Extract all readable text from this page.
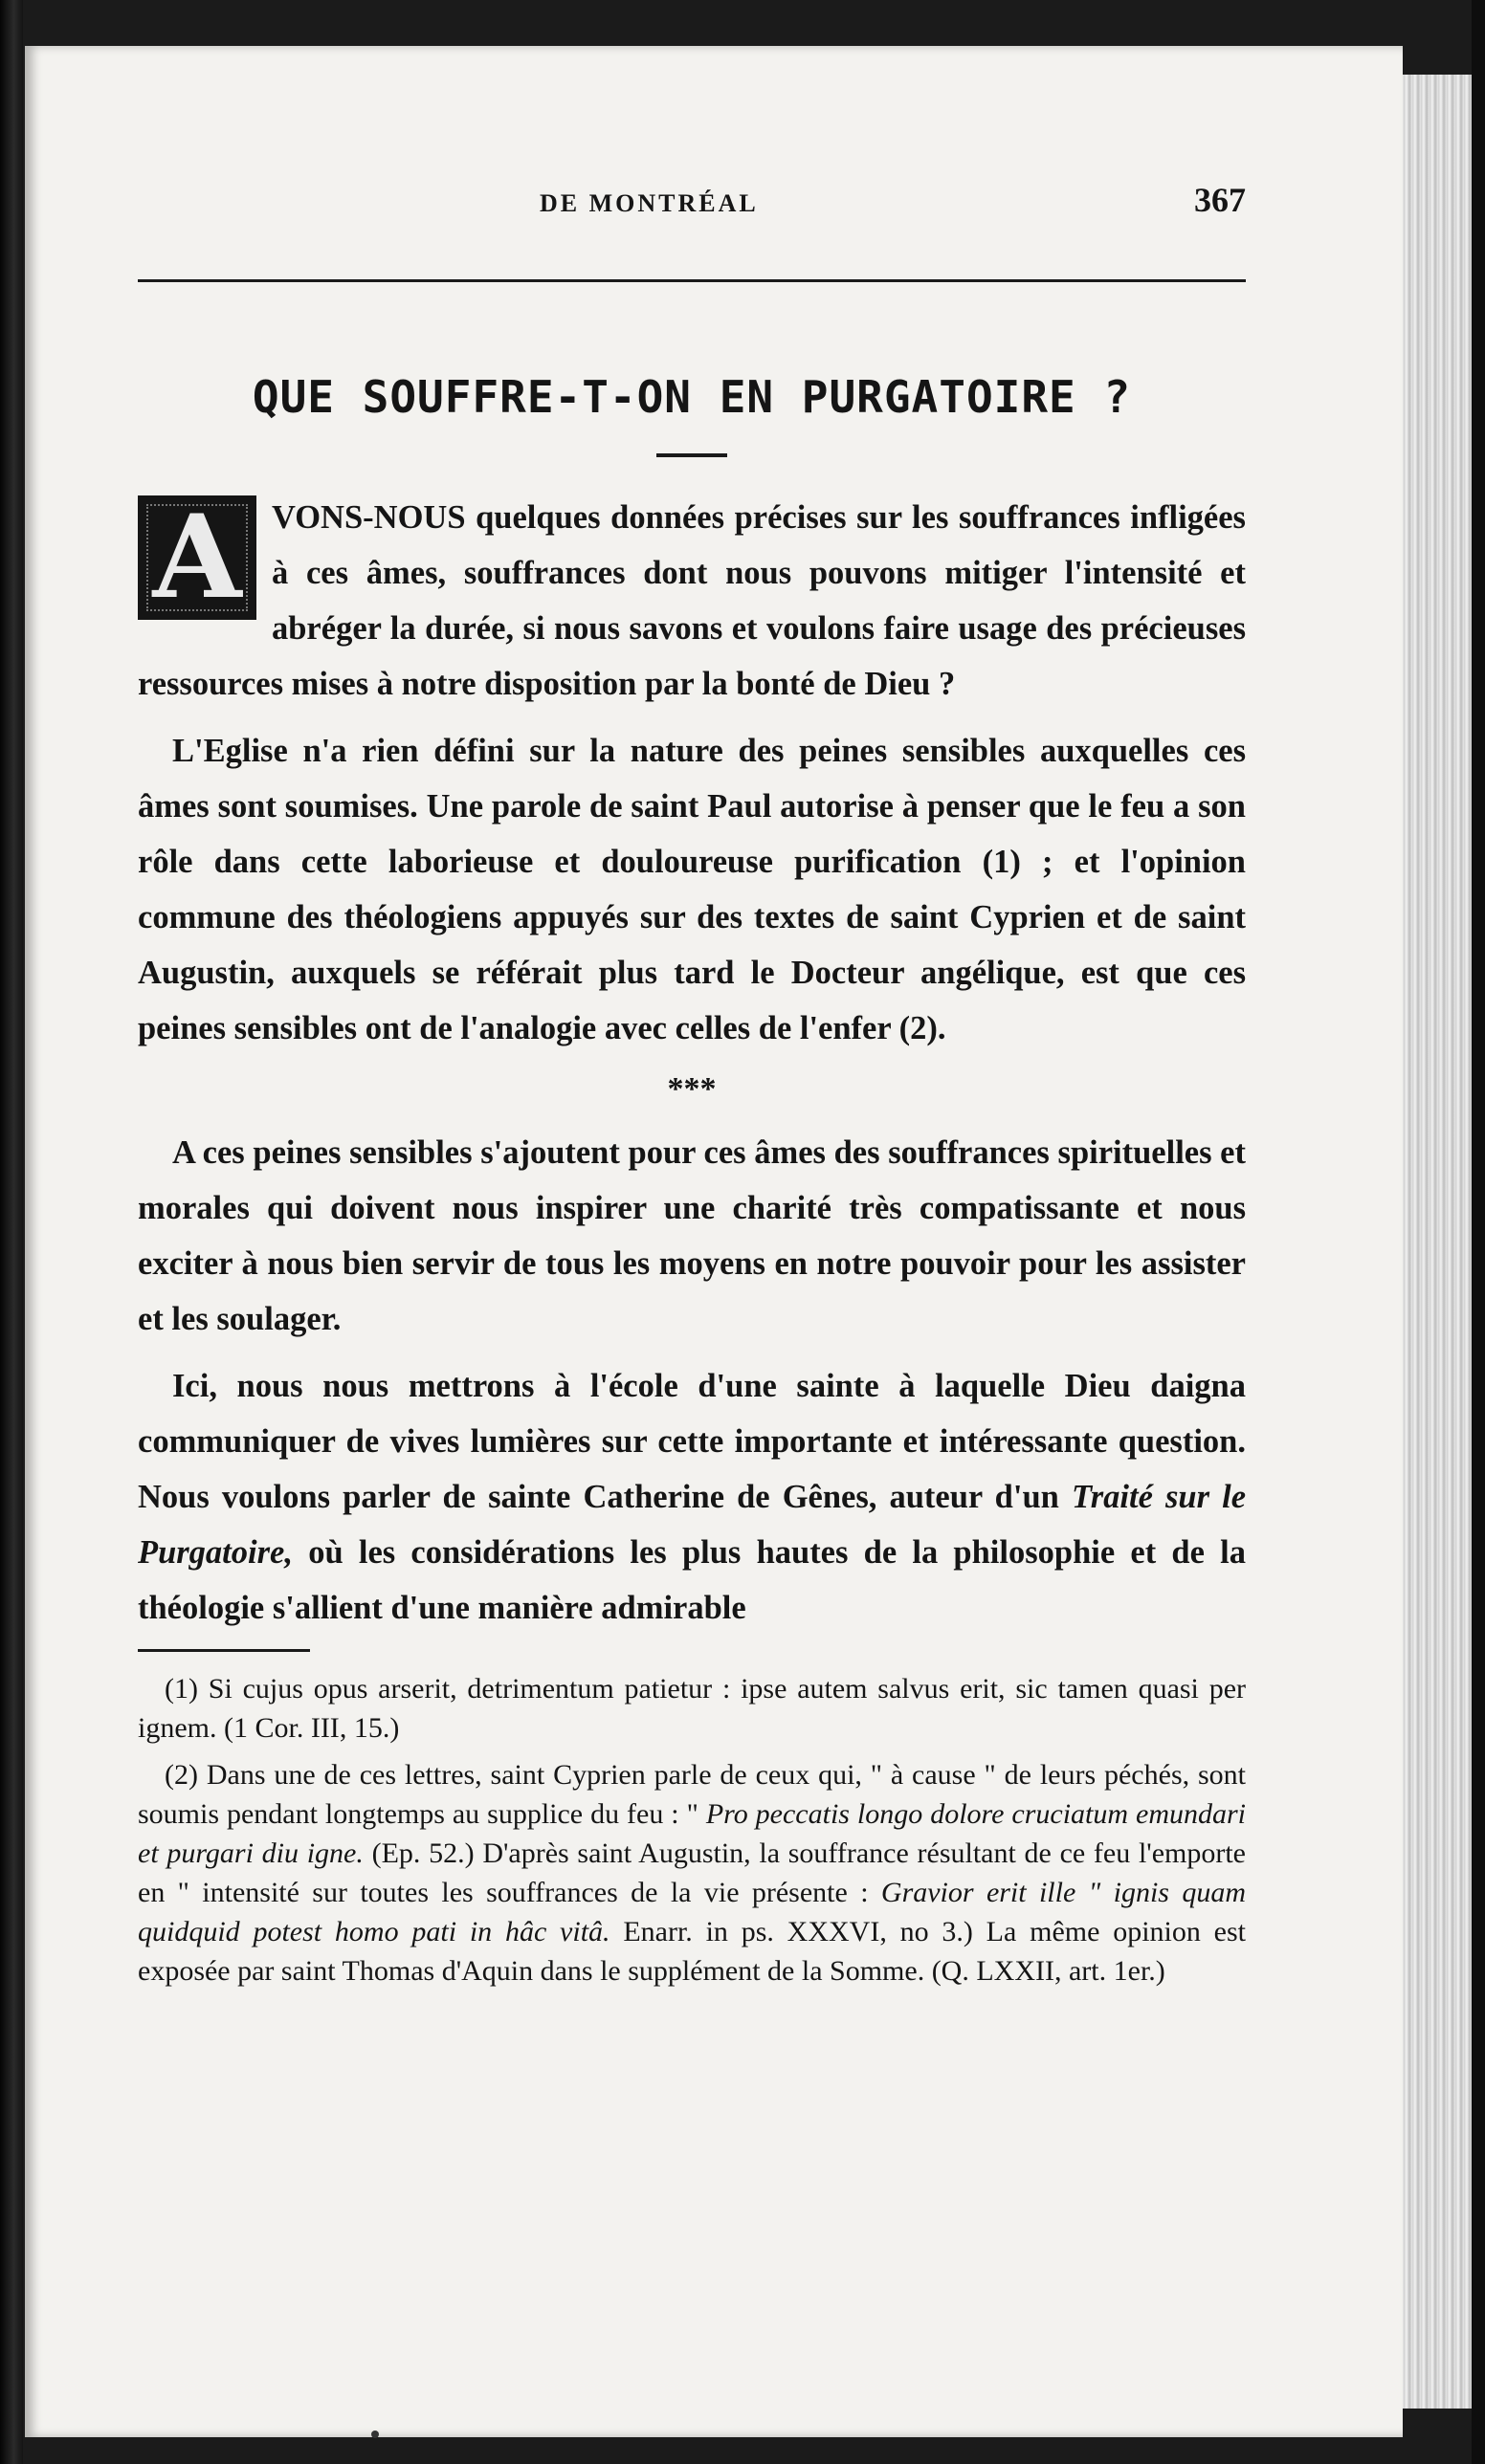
DE MONTRÉAL	367
QUE SOUFFRE-T-ON EN PURGATOIRE ?

AVONS-NOUS quelques données précises sur les souffrances infligées à ces âmes, souffrances dont nous pouvons mitiger l'intensité et abréger la durée, si nous savons et voulons faire usage des précieuses ressources mises à notre disposition par la bonté de Dieu ?

L'Eglise n'a rien défini sur la nature des peines sensibles auxquelles ces âmes sont soumises. Une parole de saint Paul autorise à penser que le feu a son rôle dans cette laborieuse et douloureuse purification (1) ; et l'opinion commune des théologiens appuyés sur des textes de saint Cyprien et de saint Augustin, auxquels se référait plus tard le Docteur angélique, est que ces peines sensibles ont de l'analogie avec celles de l'enfer (2).

***

A ces peines sensibles s'ajoutent pour ces âmes des souffrances spirituelles et morales qui doivent nous inspirer une charité très compatissante et nous exciter à nous bien servir de tous les moyens en notre pouvoir pour les assister et les soulager.

Ici, nous nous mettrons à l'école d'une sainte à laquelle Dieu daigna communiquer de vives lumières sur cette importante et intéressante question. Nous voulons parler de sainte Catherine de Gênes, auteur d'un Traité sur le Purgatoire, où les considérations les plus hautes de la philosophie et de la théologie s'allient d'une manière admirable

(1) Si cujus opus arserit, detrimentum patietur : ipse autem salvus erit, sic tamen quasi per ignem. (1 Cor. III, 15.)

(2) Dans une de ces lettres, saint Cyprien parle de ceux qui, " à cause " de leurs péchés, sont soumis pendant longtemps au supplice du feu : " Pro peccatis longo dolore cruciatum emundari et purgari diu igne. (Ep. 52.) D'après saint Augustin, la souffrance résultant de ce feu l'emporte en " intensité sur toutes les souffrances de la vie présente : Gravior erit ille " ignis quam quidquid potest homo pati in hâc vitâ. Enarr. in ps. XXXVI, no 3.) La même opinion est exposée par saint Thomas d'Aquin dans le supplément de la Somme. (Q. LXXII, art. 1er.)
